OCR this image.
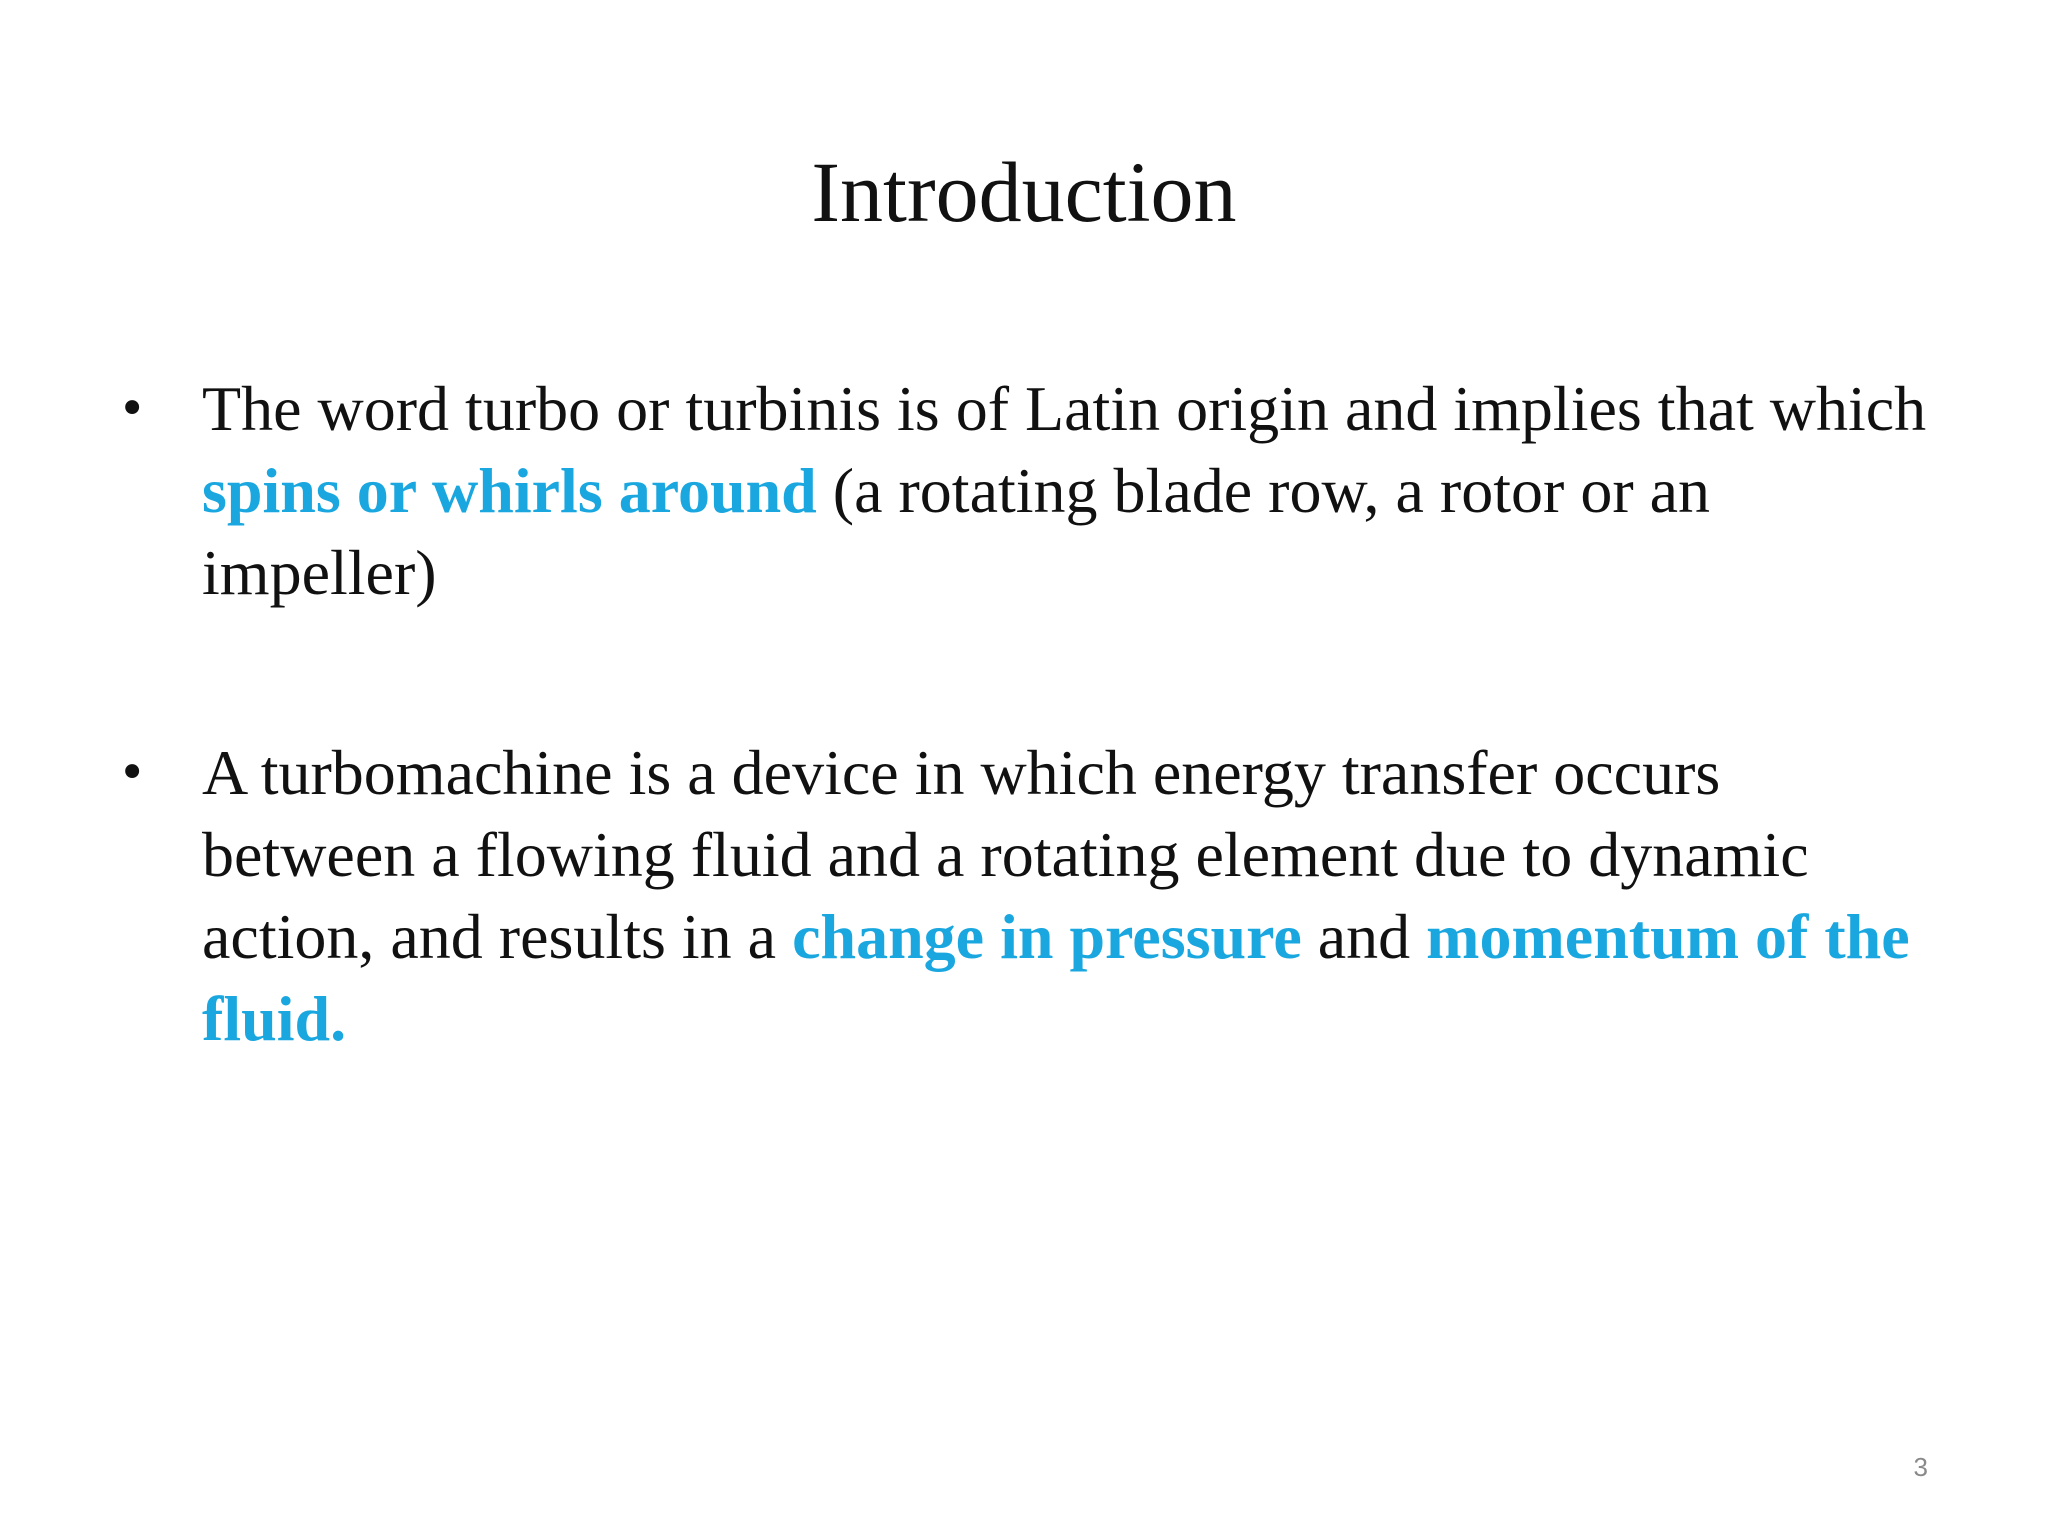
Introduction
• The word turbo or turbinis is of Latin origin and implies that which spins or whirls around (a rotating blade row, a rotor or an impeller)
• A turbomachine is a device in which energy transfer occurs between a flowing fluid and a rotating element due to dynamic action, and results in a change in pressure and momentum of the fluid.
3
